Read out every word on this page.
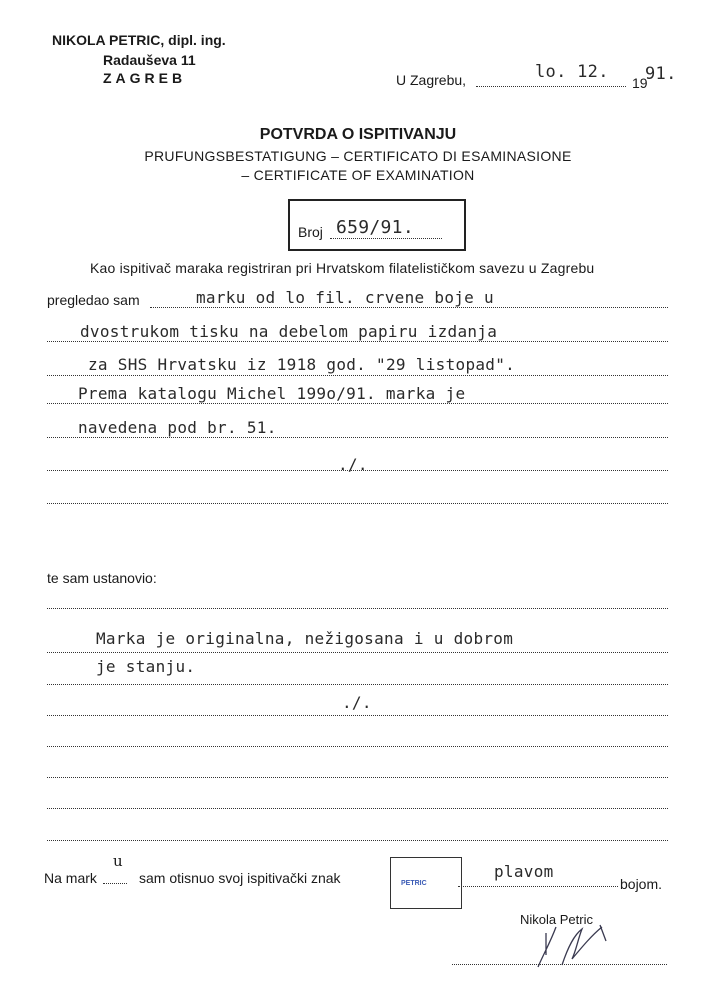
NIKOLA PETRIC, dipl. ing.
Radauševa 11
ZAGREB	U Zagrebu,	lo. 12.
19
91.
POTVRDA O ISPITIVANJU
PRUFUNGSBESTATIGUNG – CERTIFICATO DI ESAMINASIONE
– CERTIFICATE OF EXAMINATION
Broj 659/91.
Kao ispitivač maraka registriran pri Hrvatskom filatelističkom savezu u Zagrebu
pregledao sam	marku od lo fil. crvene boje u
dvostrukom tisku na debelom papiru izdanja
za SHS Hrvatsku iz 1918 god. "29 listopad".
Prema katalogu Michel 199o/91. marka je
navedena pod br. 51.
./.
te sam ustanovio:
Marka je originalna, nežigosana i u dobrom
je stanju.
./.
Na mark
u
sam otisnuo svoj ispitivački znak	PETRIC
plavom
bojom.
Nikola Petric
